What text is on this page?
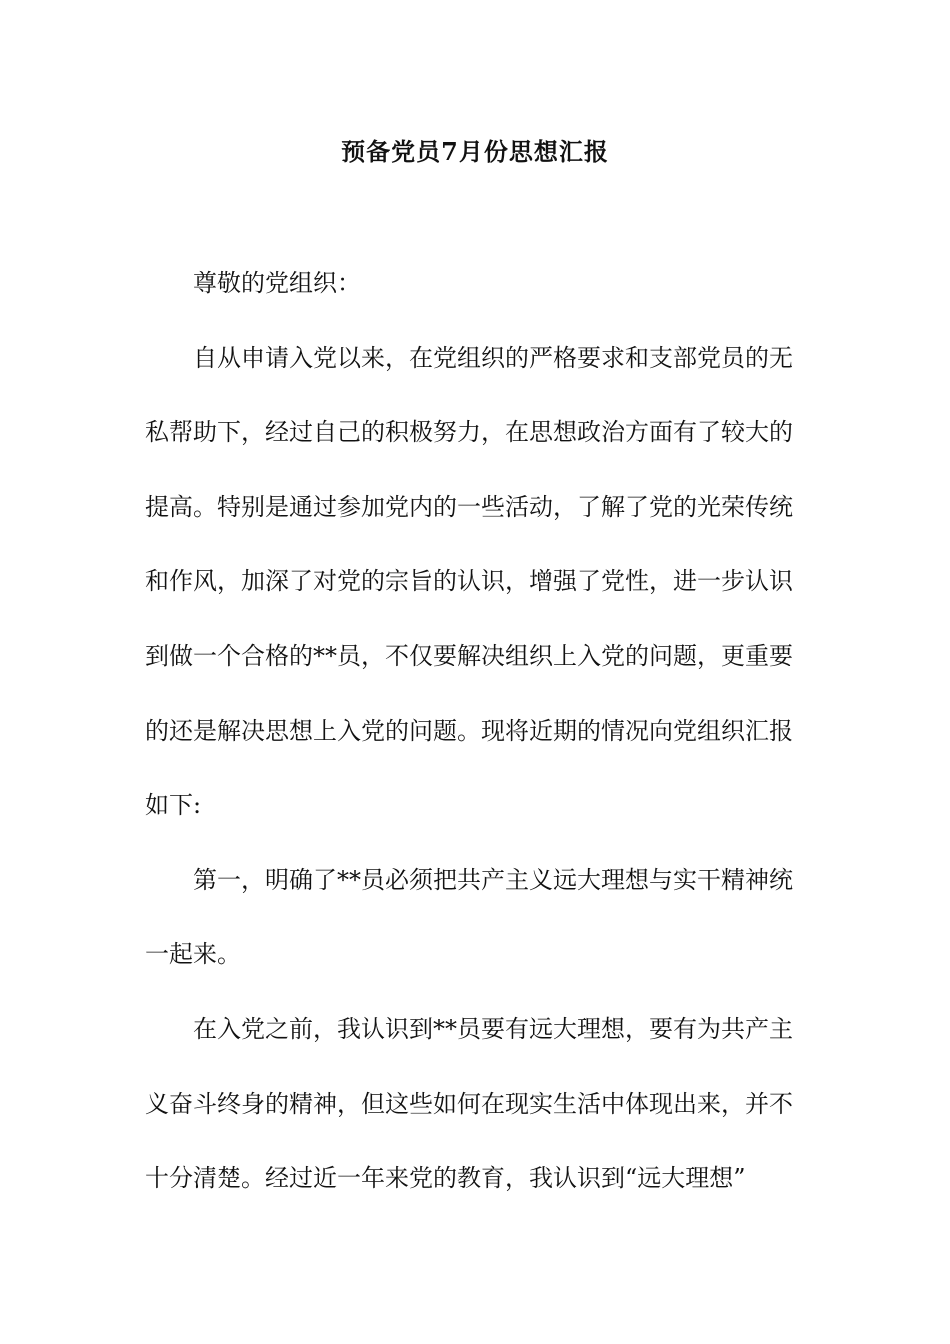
预备党员7月份思想汇报
尊敬的党组织：
自从申请入党以来，在党组织的严格要求和支部党员的无
私帮助下，经过自己的积极努力，在思想政治方面有了较大的
提高。特别是通过参加党内的一些活动，了解了党的光荣传统
和作风，加深了对党的宗旨的认识，增强了党性，进一步认识
到做一个合格的**员，不仅要解决组织上入党的问题，更重要
的还是解决思想上入党的问题。现将近期的情况向党组织汇报
如下:
第一，明确了**员必须把共产主义远大理想与实干精神统
一起来。
在入党之前，我认识到**员要有远大理想，要有为共产主
义奋斗终身的精神，但这些如何在现实生活中体现出来，并不
十分清楚。经过近一年来党的教育，我认识到“远大理想”
